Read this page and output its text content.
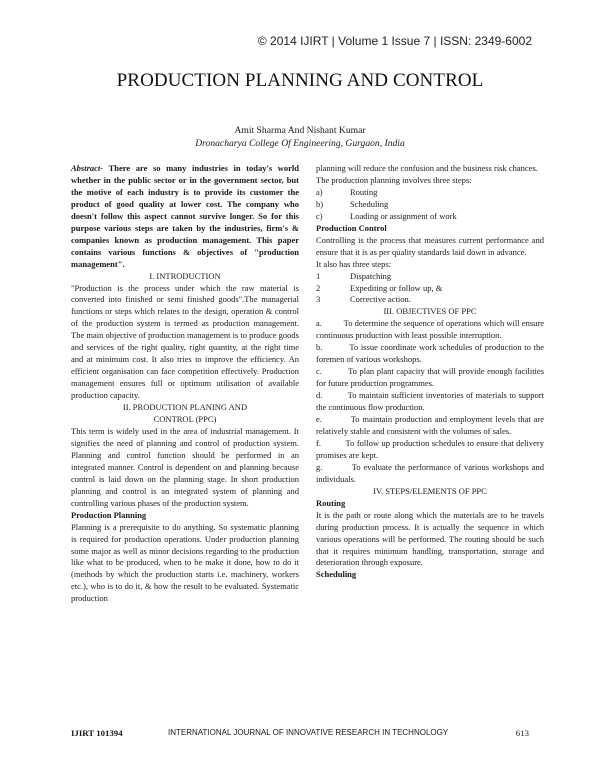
© 2014 IJIRT | Volume 1 Issue 7 | ISSN: 2349-6002
PRODUCTION PLANNING AND CONTROL
Amit Sharma And Nishant Kumar
Dronacharya College Of Engineering, Gurgaon, India

Abstract- There are so many industries in today's world whether in the public sector or in the government sector, but the motive of each industry is to provide its customer the product of good quality at lower cost. The company who doesn't follow this aspect cannot survive longer. So for this purpose various steps are taken by the industries, firm's & companies known as production management. This paper contains various functions & objectives of "production management".

I. INTRODUCTION

"Production is the process under which the raw material is converted into finished or semi finished goods".The managerial functions or steps which relates to the design, operation & control of the production system is termed as production management. The main objective of production management is to produce goods and services of the right quality, right quantity, at the right time and at minimum cost. It also tries to improve the efficiency. An efficient organisation can face competition effectively. Production management ensures full or optimum utilisation of available production capacity.

II. PRODUCTION PLANING AND

CONTROL (PPC)

This term is widely used in the area of industrial management. It signifies the need of planning and control of production system. Planning and control function should be performed in an integrated manner. Control is dependent on and planning because control is laid down on the planning stage. In short production planning and control is an integrated system of planning and controlling various phases of the production system.

Production Planning

Planning is a prerequisite to do anything. So systematic planning is required for production operations. Under production planning some major as well as minor decisions regarding to the production like what to be produced, when to be make it done, how to do it (methods by which the production starts i.e. machinery, workers etc.), who is to do it, & how the result to be evaluated. Systematic production

planning will reduce the confusion and the business risk chances.

The production planning involves three steps:

a)	Routing
b)	Scheduling
c)	Loading or assignment of work

Production Control

Controlling is the process that measures current performance and ensure that it is as per quality standards laid down in advance.

It also has three steps:

1	Dispatching
2	Expediting or follow up, &
3	Corrective action.

III. OBJECTIVES OF PPC

a.	To determine the sequence of operations which will ensure continuous production with least possible interruption.

b.	To issue coordinate work schedules of production to the foremen of various workshops.

c.	To plan plant capacity that will provide enough facilities for future production programmes.

d.	To maintain sufficient inventories of materials to support the continuous flow production.

e.	To maintain production and employment levels that are relatively stable and consistent with the volumes of sales.

f.	To follow up production schedules to ensure that delivery promises are kept.

g.	To evaluate the performance of various workshops and individuals.

IV. STEPS/ELEMENTS OF PPC

Routing

It is the path or route along which the materials are to be travels during production process. It is actually the sequence in which various operations will be performed. The routing should be such that it requires minimum handling, transportation, storage and deterioration through exposure.

Scheduling

IJIRT 101394	INTERNATIONAL JOURNAL OF INNOVATIVE RESEARCH IN TECHNOLOGY	613
